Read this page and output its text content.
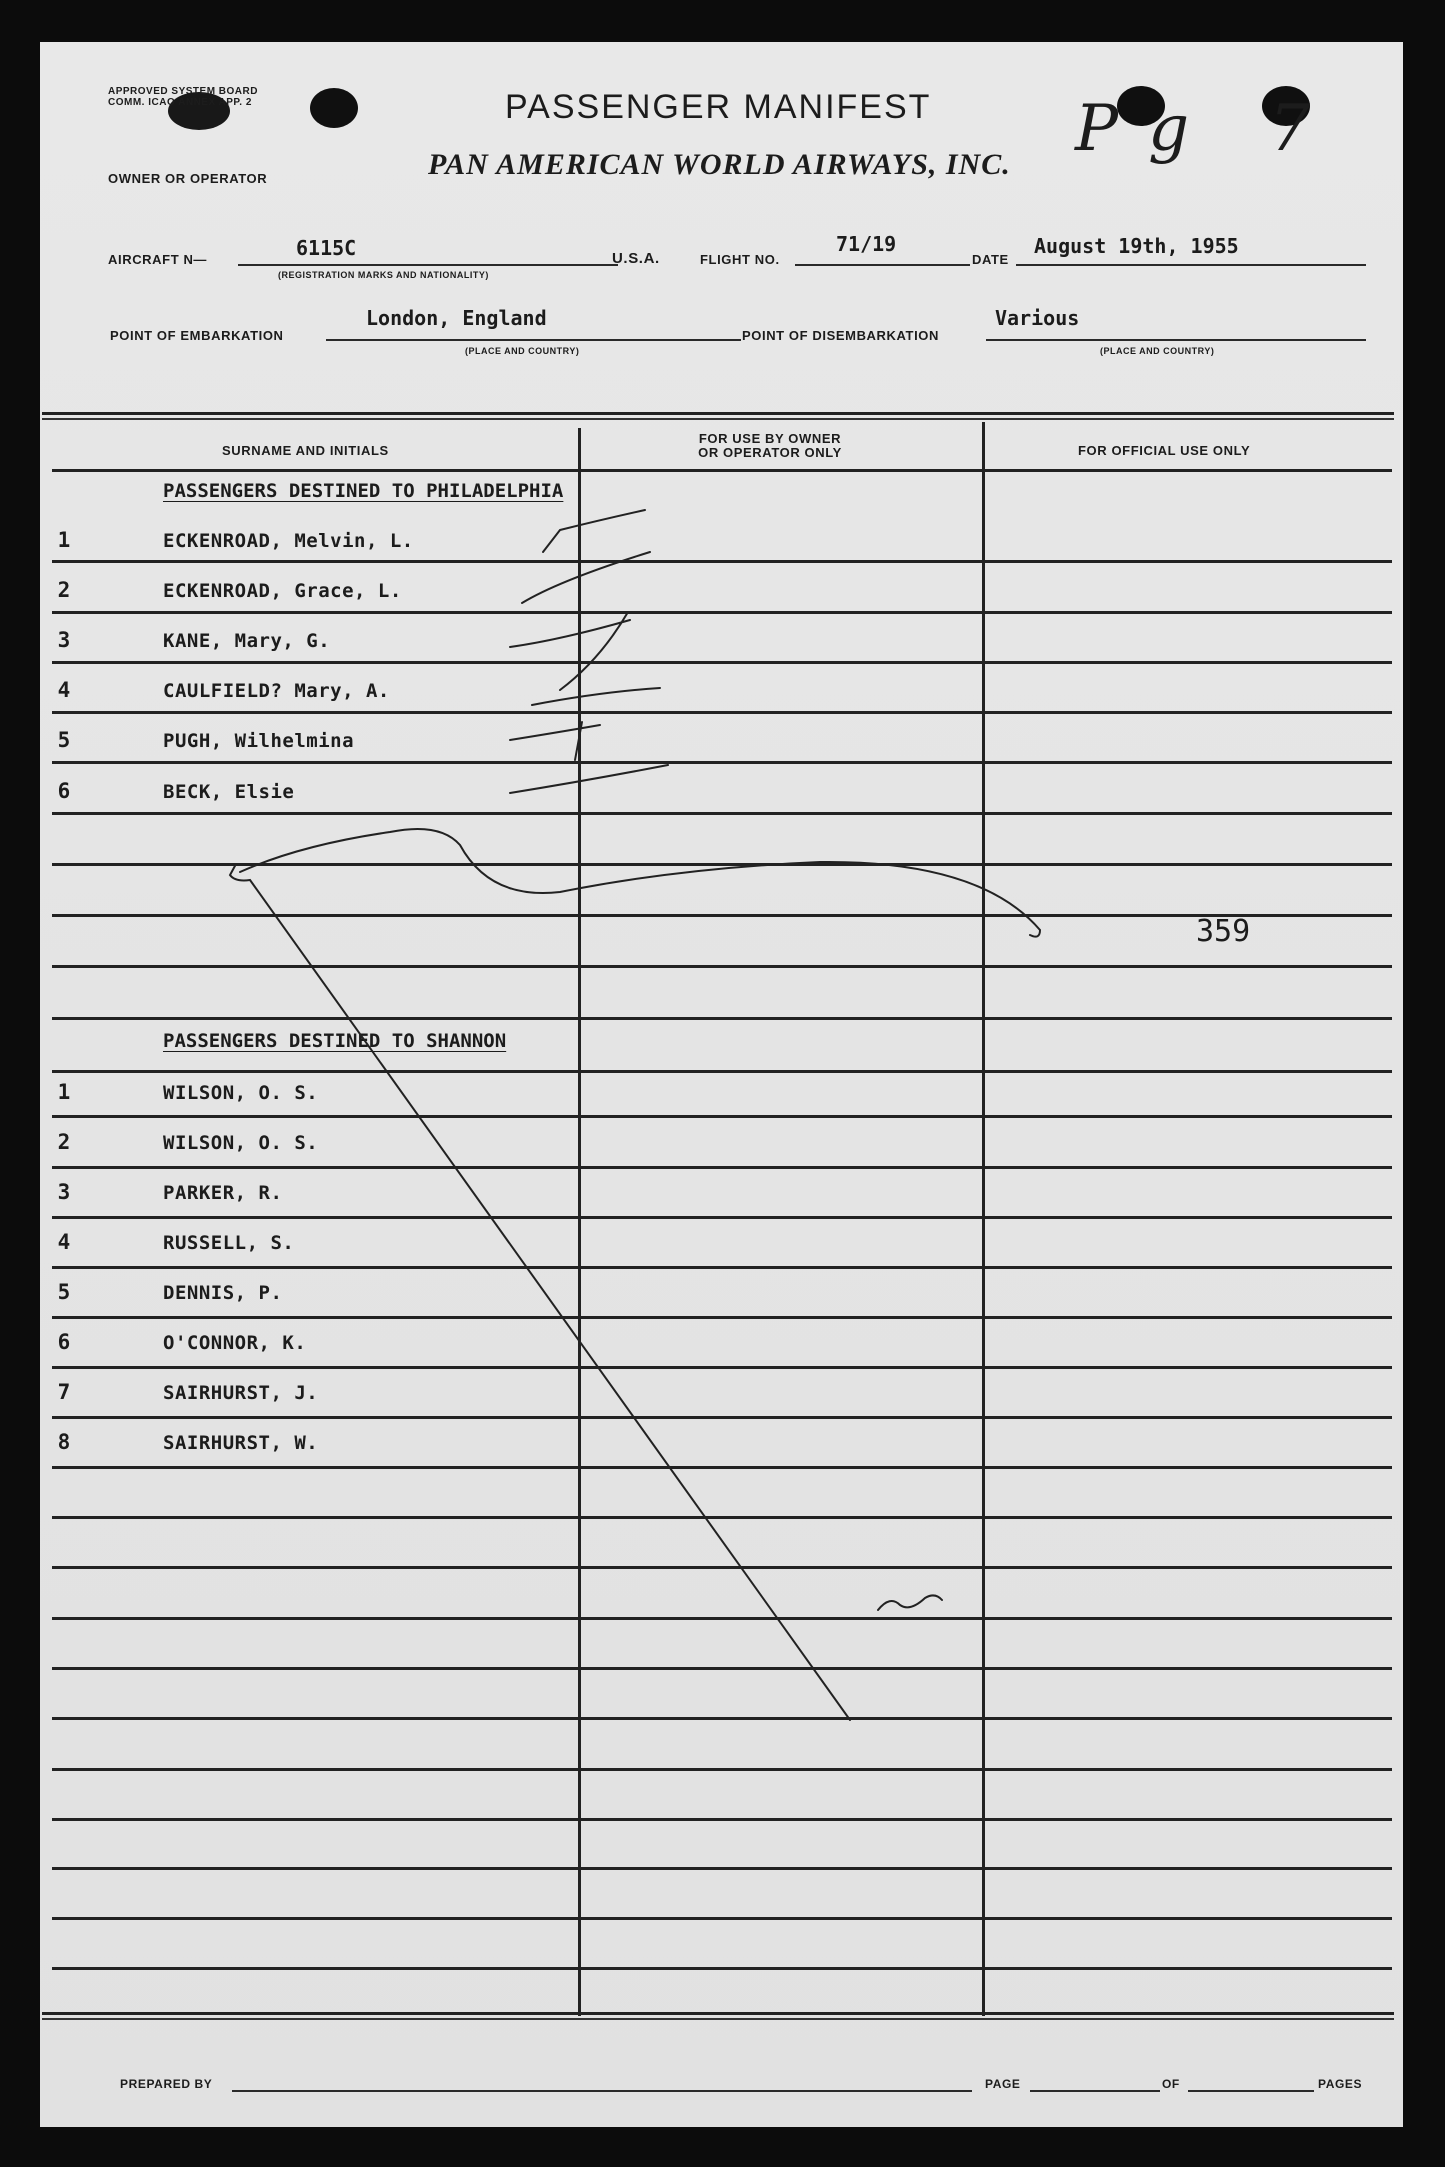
APPROVED SYSTEM BOARD COMM. ICAO ANNEX APP. 2
OWNER OR OPERATOR
PASSENGER MANIFEST
PAN AMERICAN WORLD AIRWAYS, INC. Pg 7
AIRCRAFT N—	6115C
(REGISTRATION MARKS AND NATIONALITY)
U.S.A.	FLIGHT NO.
71/19
DATE
August 19th, 1955
POINT OF EMBARKATION
London, England
(PLACE AND COUNTRY)
POINT OF DISEMBARKATION
Various
(PLACE AND COUNTRY)
SURNAME AND INITIALS
FOR USE BY OWNER OR OPERATOR ONLY	FOR OFFICIAL USE ONLY
PASSENGERS DESTINED TO PHILADELPHIA
1	ECKENROAD, Melvin, L.
2	ECKENROAD, Grace, L.
3	KANE, Mary, G.
4	CAULFIELD? Mary, A.
5	PUGH, Wilhelmina
6	BECK, Elsie
359
PASSENGERS DESTINED TO SHANNON
1	WILSON, O. S.
2	WILSON, O. S.
3	PARKER, R.
4	RUSSELL, S.
5	DENNIS, P.
6	O'CONNOR, K.
7	SAIRHURST, J.
8	SAIRHURST, W.
PREPARED BY	PAGE	OF	PAGES
